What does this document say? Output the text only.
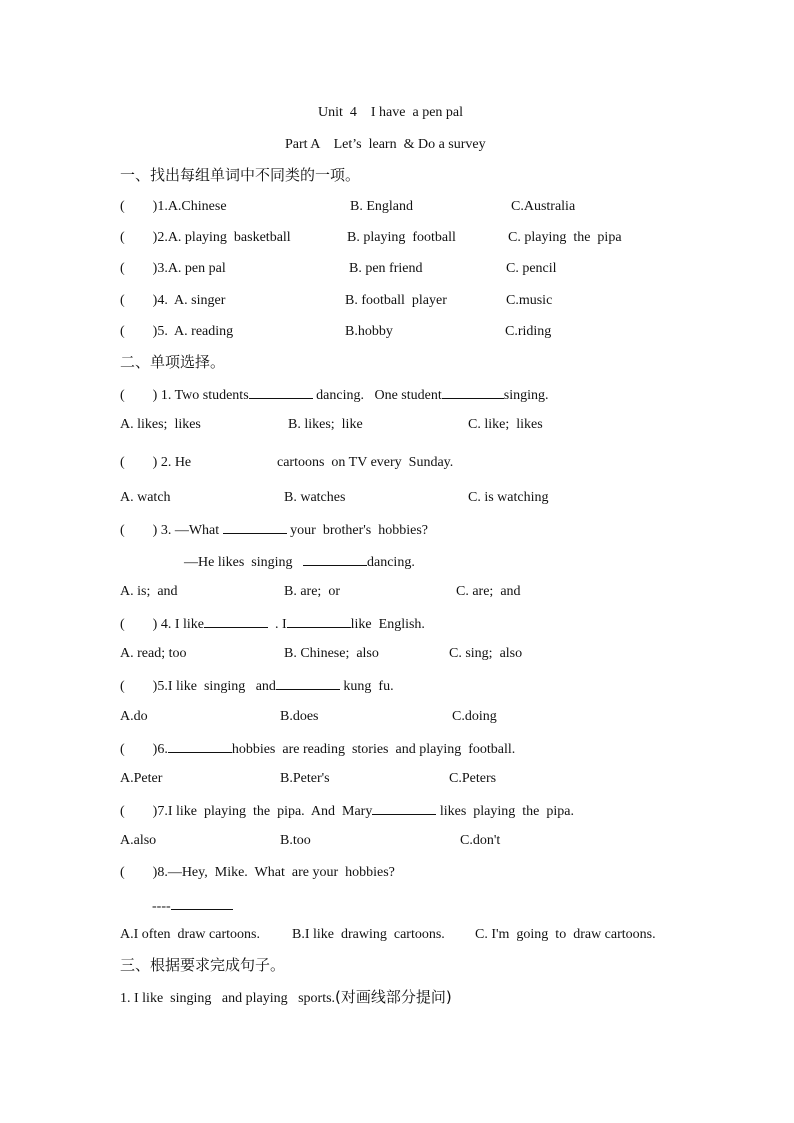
Unit  4    I have  a pen pal
Part A    Let’s  learn  & Do a survey
一、找出每组单词中不同类的一项。
(        )1.A.Chinese	B. England	C.Australia
(        )2.A. playing  basketball	B. playing  football	C. playing  the  pipa
(        )3.A. pen pal	B. pen friend	C. pencil
(        )4.  A. singer	B. football  player	C.music
(        )5.  A. reading	B.hobby	C.riding
二、单项选择。
(        ) 1. Two students	dancing.   One student	singing.
A. likes;  likes	B. likes;  like	C. like;  likes
(        ) 2. He	cartoons  on TV every  Sunday.
A. watch	B. watches	C. is watching
(        ) 3. —What	your  brother's  hobbies?
—He likes  singing	dancing.
A. is;  and	B. are;  or	C. are;  and
(        ) 4. I like	. I	like  English.
A. read; too	B. Chinese;  also	C. sing;  also
(        )5.I like  singing   and	kung  fu.
A.do	B.does	C.doing
(        )6.	hobbies  are reading  stories  and playing  football.
A.Peter	B.Peter's	C.Peters
(        )7.I like  playing  the  pipa.  And  Mary	likes  playing  the  pipa.
A.also	B.too	C.don't
(        )8.—Hey,  Mike.  What  are your  hobbies?
----
A.I often  draw cartoons. B.I like  drawing  cartoons. C. I'm  going  to  draw cartoons.
三、根据要求完成句子。
1. I like  singing   and playing   sports.(对画线部分提问)
